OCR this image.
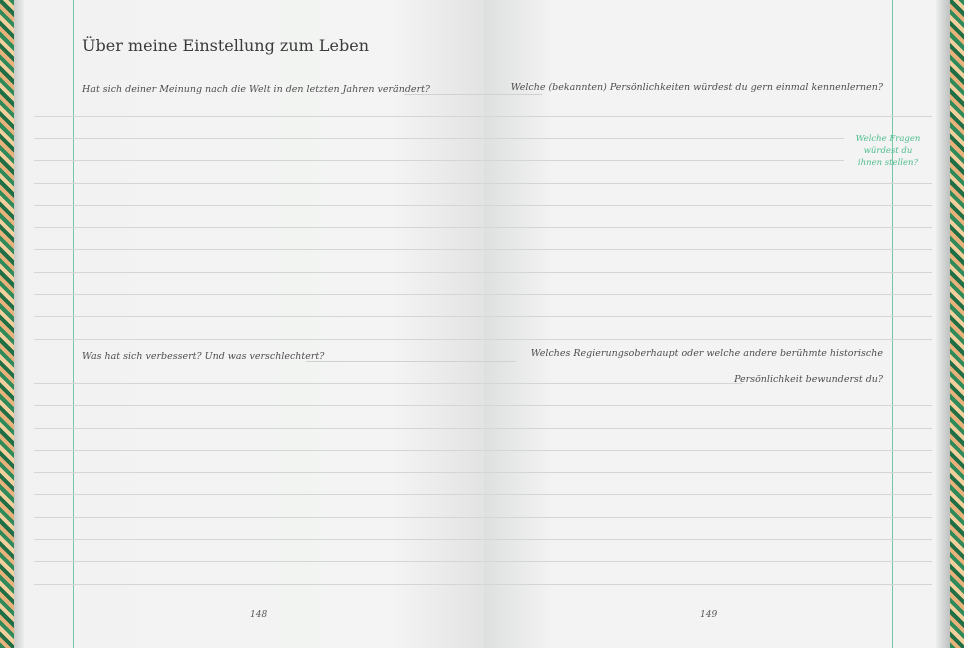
Über meine Einstellung zum Leben
Hat sich deiner Meinung nach die Welt in den letzten Jahren verändert?	Welche (bekannten) Persönlichkeiten würdest du gern einmal kennenlernen?
Welche Fragen würdest du ihnen stellen?
Was hat sich verbessert? Und was verschlechtert?	Welches Regierungsoberhaupt oder welche andere berühmte historische
Persönlichkeit bewunderst du?
148	149
